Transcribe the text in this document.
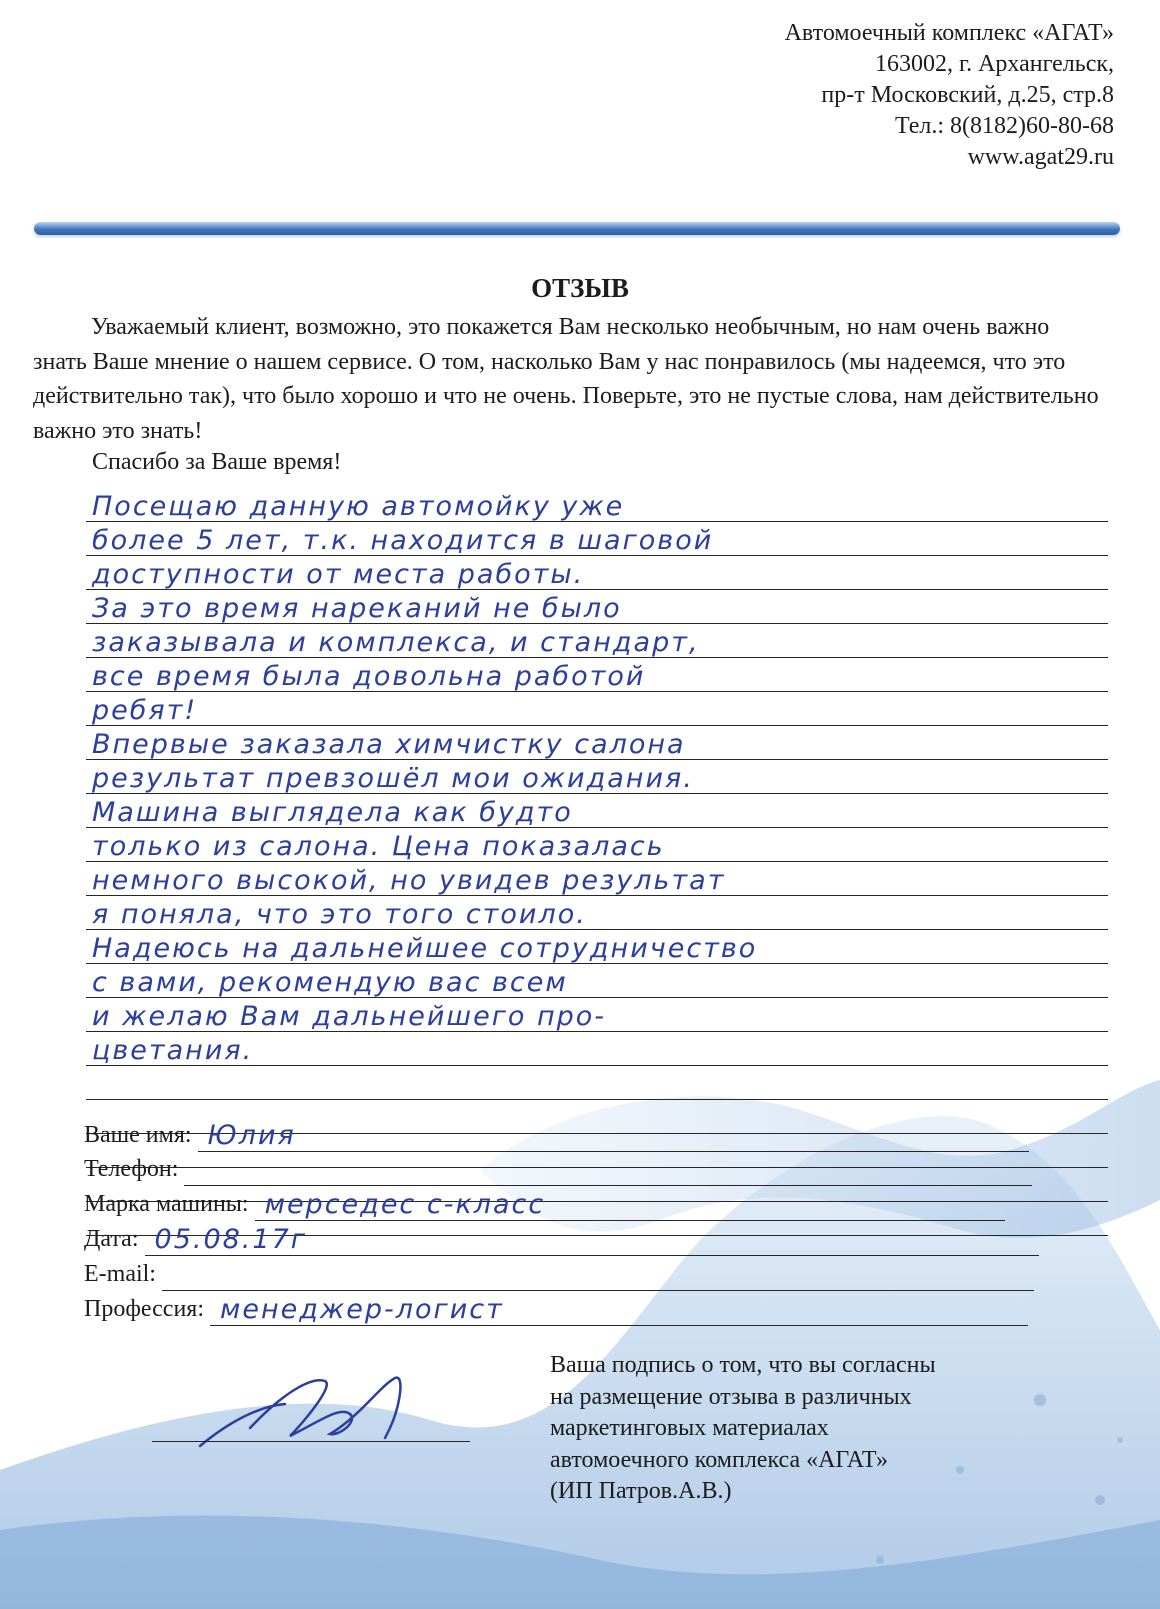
Автомоечный комплекс «АГАТ»
163002, г. Архангельск,
пр-т Московский, д.25, стр.8
Тел.: 8(8182)60-80-68
www.agat29.ru
ОТЗЫВ
Уважаемый клиент, возможно, это покажется Вам несколько необычным, но нам очень важно знать Ваше мнение о нашем сервисе. О том, насколько Вам у нас понравилось (мы надеемся, что это действительно так), что было хорошо и что не очень. Поверьте, это не пустые слова, нам действительно важно это знать!
Спасибо за Ваше время!
Посещаю данную автомойку уже
более 5 лет, т.к. находится в шаговой
доступности от места работы.
За это время нареканий не было
заказывала и комплекса, и стандарт,
все время была довольна работой
ребят!
Впервые заказала химчистку салона
результат превзошёл мои ожидания.
Машина выглядела как будто
только из салона. Цена показалась
немного высокой, но увидев результат
я поняла, что это того стоило.
Надеюсь на дальнейшее сотрудничество
с вами, рекомендую вас всем
и желаю Вам дальнейшего про-
цветания.
Ваше имя: Юлия
Телефон:
Марка машины: мерседес с-класс
Дата: 05.08.17г
E-mail:
Профессия: менеджер-логист
Ваша подпись о том, что вы согласны
на размещение отзыва в различных
маркетинговых материалах
автомоечного комплекса «АГАТ»
(ИП Патров.А.В.)
